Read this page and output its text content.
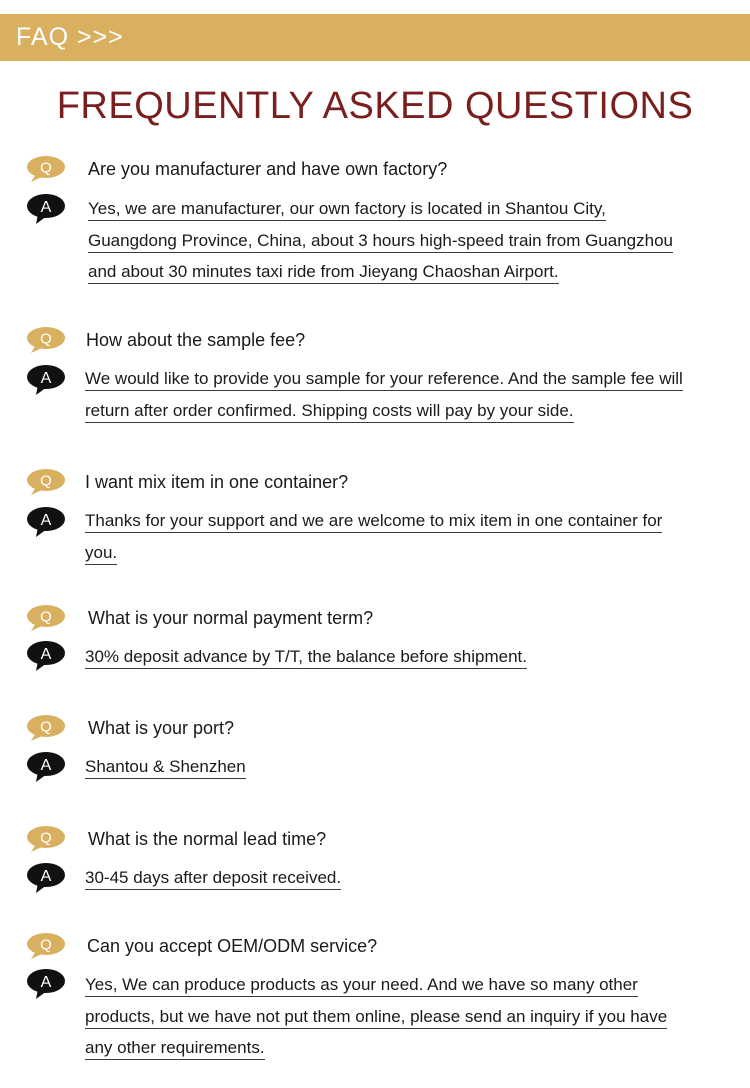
FAQ >>>
FREQUENTLY ASKED QUESTIONS
Q Are you manufacturer and have own factory?
A Yes, we are manufacturer, our own factory is located in Shantou City,
Guangdong Province, China, about 3 hours high-speed train from Guangzhou
and about 30 minutes taxi ride from Jieyang Chaoshan Airport.
Q How about the sample fee?
A We would like to provide you sample for your reference. And the sample fee will
return after order confirmed. Shipping costs will pay by your side.
Q I want mix item in one container?
A Thanks for your support and we are welcome to mix item in one container for
you.
Q What is your normal payment term?
A 30% deposit advance by T/T, the balance before shipment.
Q What is your port?
A Shantou & Shenzhen
Q What is the normal lead time?
A 30-45 days after deposit received.
Q Can you accept OEM/ODM service?
A Yes, We can produce products as your need. And we have so many other
products, but we have not put them online, please send an inquiry if you have
any other requirements.
